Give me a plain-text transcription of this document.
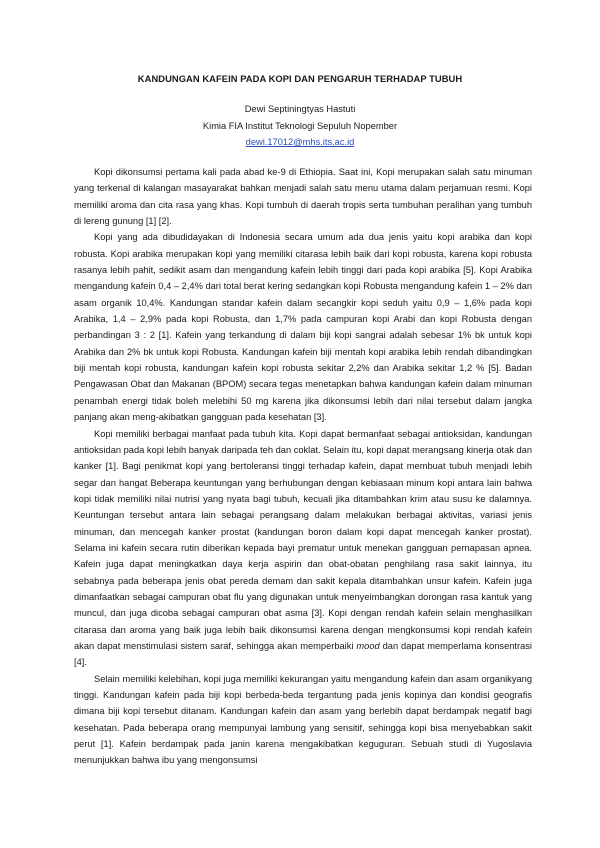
KANDUNGAN KAFEIN PADA KOPI DAN PENGARUH TERHADAP TUBUH
Dewi Septiningtyas Hastuti
Kimia FIA Institut Teknologi Sepuluh Nopember
dewi.17012@mhs.its.ac.id

Kopi dikonsumsi pertama kali pada abad ke-9 di Ethiopia. Saat ini, Kopi merupakan salah satu minuman yang terkenal di kalangan masayarakat bahkan menjadi salah satu menu utama dalam perjamuan resmi. Kopi memiliki aroma dan cita rasa yang khas. Kopi tumbuh di daerah tropis serta tumbuhan peralihan yang tumbuh di lereng gunung [1] [2].

Kopi yang ada dibudidayakan di Indonesia secara umum ada dua jenis yaitu kopi arabika dan kopi robusta. Kopi arabika merupakan kopi yang memiliki citarasa lebih baik dari kopi robusta, karena kopi robusta rasanya lebih pahit, sedikit asam dan mengandung kafein lebih tinggi dari pada kopi arabika [5]. Kopi Arabika mengandung kafein 0,4 – 2,4% dari total berat kering sedangkan kopi Robusta mengandung kafein 1 – 2% dan asam organik 10,4%. Kandungan standar kafein dalam secangkir kopi seduh yaitu 0,9 – 1,6% pada kopi Arabika, 1,4 – 2,9% pada kopi Robusta, dan 1,7% pada campuran kopi Arabi dan kopi Robusta dengan perbandingan 3 : 2 [1]. Kafein yang terkandung di dalam biji kopi sangrai adalah sebesar 1% bk untuk kopi Arabika dan 2% bk untuk kopi Robusta. Kandungan kafein biji mentah kopi arabika lebih rendah dibandingkan biji mentah kopi robusta, kandungan kafein kopi robusta sekitar 2,2% dan Arabika sekitar 1,2 % [5]. Badan Pengawasan Obat dan Makanan (BPOM) secara tegas menetapkan bahwa kandungan kafein dalam minuman penambah energi tidak boleh melebihi 50 mg karena jika dikonsumsi lebih dari nilai tersebut dalam jangka panjang akan meng-akibatkan gangguan pada kesehatan [3].

Kopi memiliki berbagai manfaat pada tubuh kita. Kopi dapat bermanfaat sebagai antioksidan, kandungan antioksidan pada kopi lebih banyak daripada teh dan coklat. Selain itu, kopi dapat merangsang kinerja otak dan kanker [1]. Bagi penikmat kopi yang bertoleransi tinggi terhadap kafein, dapat membuat tubuh menjadi lebih segar dan hangat Beberapa keuntungan yang berhubungan dengan kebiasaan minum kopi antara lain bahwa kopi tidak memiliki nilai nutrisi yang nyata bagi tubuh, kecuali jika ditambahkan krim atau susu ke dalamnya. Keuntungan tersebut antara lain sebagai perangsang dalam melakukan berbagai aktivitas, variasi jenis minuman, dan mencegah kanker prostat (kandungan boron dalam kopi dapat mencegah kanker prostat). Selama ini kafein secara rutin diberikan kepada bayi prematur untuk menekan gangguan pernapasan apnea. Kafein juga dapat meningkatkan daya kerja aspirin dan obat-obatan penghilang rasa sakit lainnya, itu sebabnya pada beberapa jenis obat pereda demam dan sakit kepala ditambahkan unsur kafein. Kafein juga dimanfaatkan sebagai campuran obat flu yang digunakan untuk menyeimbangkan dorongan rasa kantuk yang muncul, dan juga dicoba sebagai campuran obat asma [3]. Kopi dengan rendah kafein selain menghasilkan citarasa dan aroma yang baik juga lebih baik dikonsumsi karena dengan mengkonsumsi kopi rendah kafein akan dapat menstimulasi sistem saraf, sehingga akan memperbaiki mood dan dapat memperlama konsentrasi [4].

Selain memiliki kelebihan, kopi juga memiliki kekurangan yaitu mengandung kafein dan asam organikyang tinggi. Kandungan kafein pada biji kopi berbeda-beda tergantung pada jenis kopinya dan kondisi geografis dimana biji kopi tersebut ditanam. Kandungan kafein dan asam yang berlebih dapat berdampak negatif bagi kesehatan. Pada beberapa orang mempunyai lambung yang sensitif, sehingga kopi bisa menyebabkan sakit perut [1]. Kafein berdampak pada janin karena mengakibatkan keguguran. Sebuah studi di Yugoslavia menunjukkan bahwa ibu yang mengonsumsi
